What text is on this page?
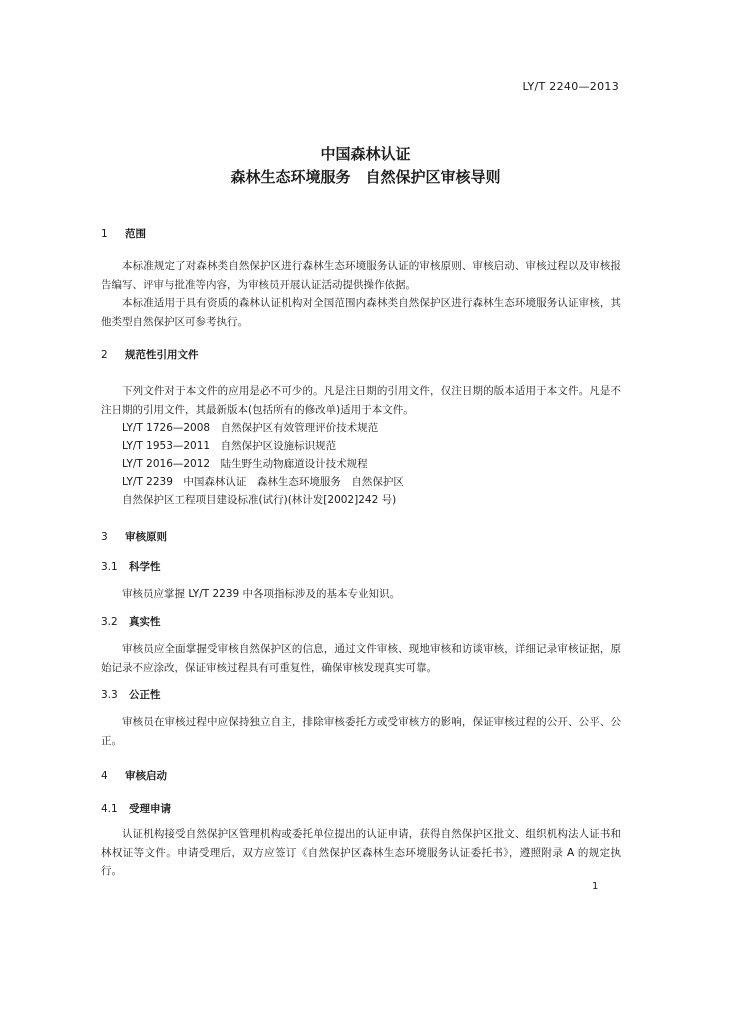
LY/T 2240—2013
中国森林认证
森林生态环境服务　自然保护区审核导则
1 范围
本标准规定了对森林类自然保护区进行森林生态环境服务认证的审核原则、审核启动、审核过程以及审核报告编写、评审与批准等内容，为审核员开展认证活动提供操作依据。
本标准适用于具有资质的森林认证机构对全国范围内森林类自然保护区进行森林生态环境服务认证审核，其他类型自然保护区可参考执行。
2 规范性引用文件
下列文件对于本文件的应用是必不可少的。凡是注日期的引用文件，仅注日期的版本适用于本文件。凡是不注日期的引用文件，其最新版本(包括所有的修改单)适用于本文件。
LY/T 1726—2008　自然保护区有效管理评价技术规范
LY/T 1953—2011　自然保护区设施标识规范
LY/T 2016—2012　陆生野生动物廊道设计技术规程
LY/T 2239　中国森林认证　森林生态环境服务　自然保护区
自然保护区工程项目建设标准(试行)(林计发[2002]242 号)
3 审核原则
3.1 科学性
审核员应掌握 LY/T 2239 中各项指标涉及的基本专业知识。
3.2 真实性
审核员应全面掌握受审核自然保护区的信息，通过文件审核、现地审核和访谈审核，详细记录审核证据，原始记录不应涂改，保证审核过程具有可重复性，确保审核发现真实可靠。
3.3 公正性
审核员在审核过程中应保持独立自主，排除审核委托方或受审核方的影响，保证审核过程的公开、公平、公正。
4 审核启动
4.1 受理申请
认证机构接受自然保护区管理机构或委托单位提出的认证申请，获得自然保护区批文、组织机构法人证书和林权证等文件。申请受理后，双方应签订《自然保护区森林生态环境服务认证委托书》，遵照附录 A 的规定执行。
1
